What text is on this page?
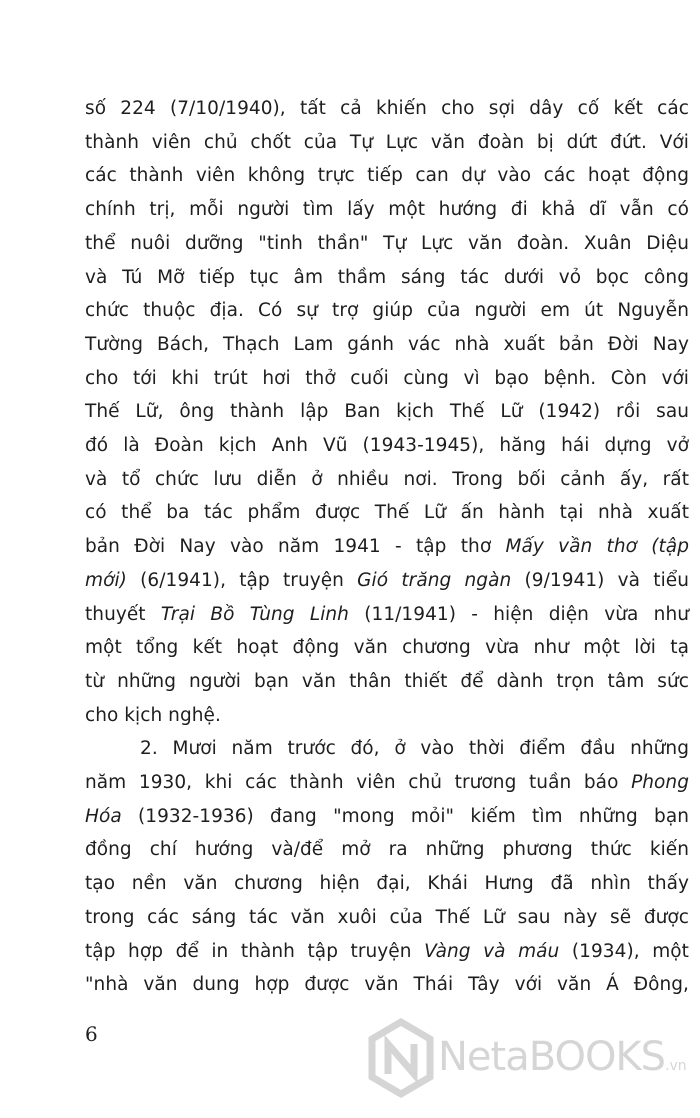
số 224 (7/10/1940), tất cả khiến cho sợi dây cố kết các
thành viên chủ chốt của Tự Lực văn đoàn bị dứt đứt. Với
các thành viên không trực tiếp can dự vào các hoạt động
chính trị, mỗi người tìm lấy một hướng đi khả dĩ vẫn có
thể nuôi dưỡng "tinh thần" Tự Lực văn đoàn. Xuân Diệu
và Tú Mỡ tiếp tục âm thầm sáng tác dưới vỏ bọc công
chức thuộc địa. Có sự trợ giúp của người em út Nguyễn
Tường Bách, Thạch Lam gánh vác nhà xuất bản Đời Nay
cho tới khi trút hơi thở cuối cùng vì bạo bệnh. Còn với
Thế Lữ, ông thành lập Ban kịch Thế Lữ (1942) rồi sau
đó là Đoàn kịch Anh Vũ (1943-1945), hăng hái dựng vở
và tổ chức lưu diễn ở nhiều nơi. Trong bối cảnh ấy, rất
có thể ba tác phẩm được Thế Lữ ấn hành tại nhà xuất
bản Đời Nay vào năm 1941 - tập thơ Mấy vần thơ (tập
mới) (6/1941), tập truyện Gió trăng ngàn (9/1941) và tiểu
thuyết Trại Bồ Tùng Linh (11/1941) - hiện diện vừa như
một tổng kết hoạt động văn chương vừa như một lời tạ
từ những người bạn văn thân thiết để dành trọn tâm sức
cho kịch nghệ.
2. Mươi năm trước đó, ở vào thời điểm đầu những
năm 1930, khi các thành viên chủ trương tuần báo Phong
Hóa (1932-1936) đang "mong mỏi" kiếm tìm những bạn
đồng chí hướng và/để mở ra những phương thức kiến
tạo nền văn chương hiện đại, Khái Hưng đã nhìn thấy
trong các sáng tác văn xuôi của Thế Lữ sau này sẽ được
tập hợp để in thành tập truyện Vàng và máu (1934), một
"nhà văn dung hợp được văn Thái Tây với văn Á Đông,
6	NetaBOOKS.vn
